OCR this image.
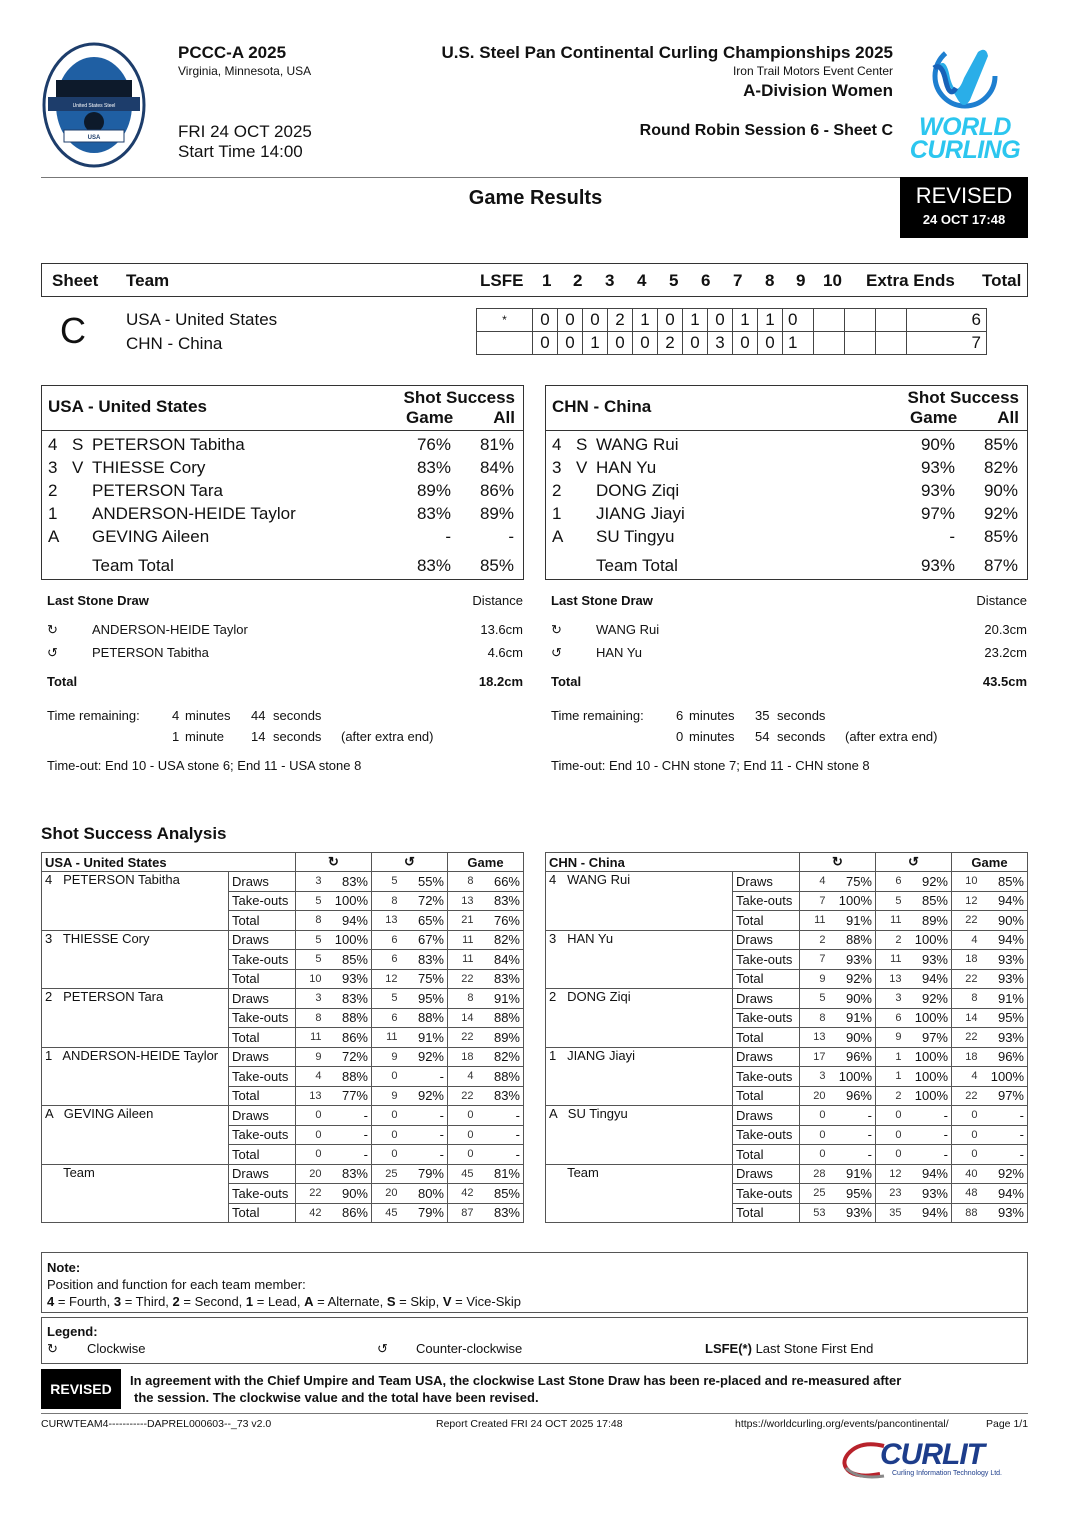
USA
United States Steel
PCCC-A 2025
Virginia, Minnesota, USA
FRI 24 OCT 2025
Start Time 14:00
U.S. Steel Pan Continental Curling Championships 2025
Iron Trail Motors Event Center
A-Division Women
Round Robin Session 6 - Sheet C	WORLD
CURLING
Game Results	REVISED
24 OCT 17:48
Sheet Team	LSFE 1 2 3 4 5 6 7 8 9 10 Extra Ends Total
C USA - United States
CHN - China
*	0	0	0	2	1	0	1	0	1	1	0				6
	0	0	1	0	0	2	0	3	0	0	1				7
USA - United States	Shot Success
Game All
4 S PETERSON Tabitha	76% 81%
3 V THIESSE Cory	83% 84%
2 PETERSON Tara	89% 86%
1 ANDERSON-HEIDE Taylor	83% 89%
A GEVING Aileen	-	-
Team Total	83% 85%
CHN - China	Shot Success
Game All
4 S WANG Rui	90% 85%
3 V HAN Yu	93% 82%
2 DONG Ziqi	93% 90%
1 JIANG Jiayi	97% 92%
A SU Tingyu	- 85%
Team Total	93% 87%
Last Stone Draw	Distance
↻	ANDERSON-HEIDE Taylor	13.6cm
↺	PETERSON Tabitha	4.6cm
Total	18.2cm
Time remaining: 4 minutes 44 seconds
1 minute 14 seconds (after extra end)
Time-out: End 10 - USA stone 6; End 11 - USA stone 8
Last Stone Draw	Distance
↻	WANG Rui	20.3cm
↺	HAN Yu	23.2cm
Total	43.5cm
Time remaining: 6 minutes 35 seconds
0 minutes 54 seconds (after extra end)
Time-out: End 10 - CHN stone 7; End 11 - CHN stone 8
Shot Success Analysis
USA - United States		↻		↺		Game	
4   PETERSON Tabitha	Draws	3	83%	5	55%	8	66%
	Take-outs	5	100%	8	72%	13	83%
	Total	8	94%	13	65%	21	76%
3   THIESSE Cory	Draws	5	100%	6	67%	11	82%
	Take-outs	5	85%	6	83%	11	84%
	Total	10	93%	12	75%	22	83%
2   PETERSON Tara	Draws	3	83%	5	95%	8	91%
	Take-outs	8	88%	6	88%	14	88%
	Total	11	86%	11	91%	22	89%
1   ANDERSON-HEIDE Taylor	Draws	9	72%	9	92%	18	82%
	Take-outs	4	88%	0	-	4	88%
	Total	13	77%	9	92%	22	83%
A   GEVING Aileen	Draws	0	-	0	-	0	-
	Take-outs	0	-	0	-	0	-
	Total	0	-	0	-	0	-
Team	Draws	20	83%	25	79%	45	81%
	Take-outs	22	90%	20	80%	42	85%
	Total	42	86%	45	79%	87	83%
CHN - China		↻		↺		Game	
4   WANG Rui	Draws	4	75%	6	92%	10	85%
	Take-outs	7	100%	5	85%	12	94%
	Total	11	91%	11	89%	22	90%
3   HAN Yu	Draws	2	88%	2	100%	4	94%
	Take-outs	7	93%	11	93%	18	93%
	Total	9	92%	13	94%	22	93%
2   DONG Ziqi	Draws	5	90%	3	92%	8	91%
	Take-outs	8	91%	6	100%	14	95%
	Total	13	90%	9	97%	22	93%
1   JIANG Jiayi	Draws	17	96%	1	100%	18	96%
	Take-outs	3	100%	1	100%	4	100%
	Total	20	96%	2	100%	22	97%
A   SU Tingyu	Draws	0	-	0	-	0	-
	Take-outs	0	-	0	-	0	-
	Total	0	-	0	-	0	-
Team	Draws	28	91%	12	94%	40	92%
	Take-outs	25	95%	23	93%	48	94%
	Total	53	93%	35	94%	88	93%
Note:
Position and function for each team member:
4 = Fourth, 3 = Third, 2 = Second, 1 = Lead, A = Alternate, S = Skip, V = Vice-Skip
Legend:
↻ Clockwise	↺ Counter-clockwise	LSFE(*) Last Stone First End
REVISED
In agreement with the Chief Umpire and Team USA, the clockwise Last Stone Draw has been re-placed and re-measured after
the session. The clockwise value and the total have been revised.
CURWTEAM4-----------DAPREL000603--_73 v2.0	Report Created FRI 24 OCT 2025 17:48	https://worldcurling.org/events/pancontinental/	Page 1/1
CURLIT
Curling Information Technology Ltd.
